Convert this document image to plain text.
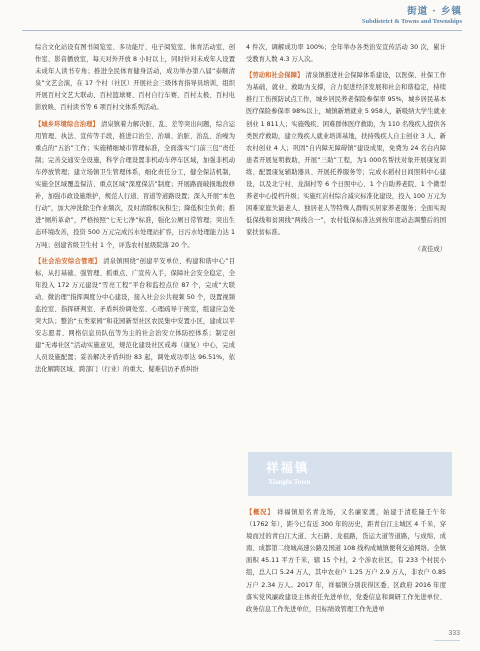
街道 · 乡镇
Subdistrict & Towns and Townships

综合文化站设有图书阅览室、多功能厅、电子阅览室、体育活动室、创作室、影音播放室，每天对外开放 8 小时以上，同时针对未成年人设置未成年人读书专角；推进全民体育健身活动，成功举办第八届“泰顺清泉”文艺会演，在 17 个村（社区）开展社会三级体育指导员培训，组织开展百村文艺大联动、百村篮球赛、百村自行车赛、百村太极、百村电影放映、百村读书等 6 项百村文体系列活动。

【城乡环境综合治理】 清泉镇着力解决脏、乱、差等突出问题，综合运用管理、执法、宣传等手段，推进口治尘、治墙、治脏、治乱、治噪为重点的“五治”工作；实施精细城市管理标准，全面落实“门前三包”责任制；完善交通安全设施，科学合理设置非机动车停车区域，加强非机动车停放管理；建立场镇卫生管理体系，细化责任分工，健全保洁机制，实施全区域覆盖保洁、重点区域“深度保洁”制度；开展路面破损地段修补，加强市政设施维护，规范人行道、盲道等道路设置；深入开展“本色行动”，加大冲洗除尘作业频次，及时清除积灰积尘；降低积尘负荷；推进“厕所革命”，严格按照“七无七净”标准，强化公厕日常管理；突出生态环境改善，投资 500 万元完成污水处理站扩容，日污水处理能力达 1 万吨；创建省级卫生村 1 个，评选农村星级院落 20 个。

【社会治安综合管理】 清泉镇围绕“创建平安单位、构建和谐中心”目标，从打基础、强管理、抓重点、广宣传入手，保障社会安全稳定，全年投入 172 万元建设“雪亮工程”平台和监控点位 87 个，完成“大联动、微治理”指挥调度分中心建设，接入社会公共视频 50 个，设置视频监控室、指挥研判室、矛盾纠纷调处室、心理疏导干预室，组建应急处突大队；整治“五类家园”和花园新型社区农民集中安置小区，建成以平安志愿者、网格信息员队伍等为主的社会治安立体防控体系；制定创建“无毒社区”活动实施意见，规范化建设社区戒毒（康复）中心，完成人员设施配置；妥善解决矛盾纠纷 83 起，调处成功率达 96.51%，依法化解跨区域、跨部门（行业）的重大、疑难信访矛盾纠纷

4 件次，调解成功率 100%；全年举办各类治安宣传活动 30 次，累计受教育人数 4.3 万人次。

【劳动和社会保障】 清泉镇推进社会保障体系建设，以医保、社保工作为基础，就业、救助为支撑，合力促进经济发展和社会和谐稳定，持续推行工伤预防试点工作，城乡居民养老保险参保率 95%，城乡居民基本医疗保险参保率 98%以上，城镇新增就业 5 958人，新吸纳大学生就业创业 1 811人；实施残疾、困难群体医疗救助，为 110 名残疾人提供各类医疗救助，建立残疾人就业培训基地，扶持残疾人自主创业 3 人、新农村创业 4 人；巩固“自内障无障碍镇”建设成果，免费为 24 名白内障患者开展复明救助，开展“三助”工程，为1 000名帮扶对象开展康复训练、配置康复辅助器具、开展托养服务等；完成水稻村日间照料中心建设，以及北宁村、龙洞村等 6 个日照中心、1 个自助养老院、1 个微型养老中心提档升级；实施红岩村综合减灾标准化建设，投入 100 万元为困难家庭失能老人、独居老人等特殊人群购买居家养老服务；全面实现低保线和贫困线“两线合一”，农村低保标准达到按年度动态调整后的国家扶贫标准。

（黄佳成）
祥福镇
Xiangfu Town

【概况】 祥福镇原名青龙场，又名廉家渡，始建于清乾隆壬午年（1762 年），距今已有近 300 年的历史，距青白江主城区 4 千米，穿境而过的青白江大道、大石路、龙祖路，货运大道等道路，与成绵、成南、成都第二绕城高速公路及国道 108 线构成城镇便利交通网络。全镇面积 45.11 平方千米，辖 15 个村，2 个涉农社区，有 233 个村民小组，总人口 5.24 万人，其中农业户 1.25 万户 2.9 万人，非农户 0.85 万户 2.34 万人。2017 年，祥福镇分别获得区委、区政府 2016 年度落实党风廉政建设主体责任先进单位，党委信息和调研工作先进单位、政务信息工作先进单位，目标绩效管理工作先进单

333
